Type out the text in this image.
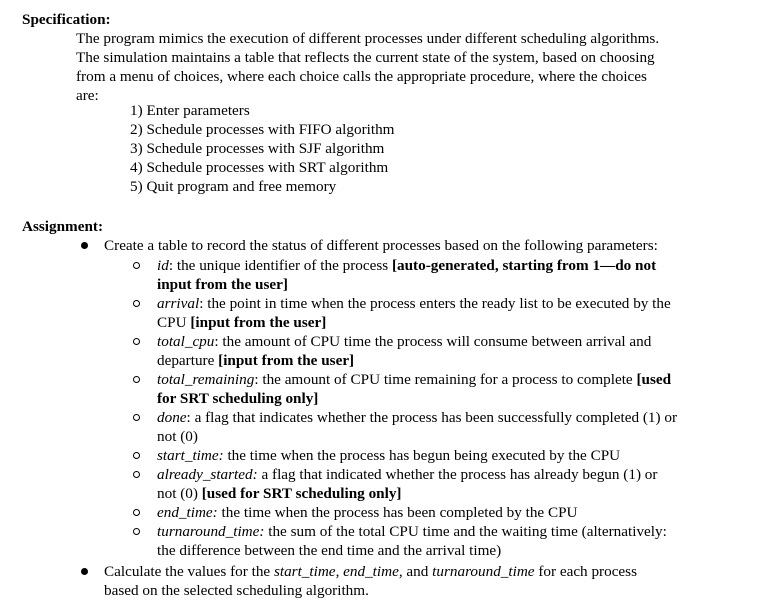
Specification:
The program mimics the execution of different processes under different scheduling algorithms.
The simulation maintains a table that reflects the current state of the system, based on choosing
from a menu of choices, where each choice calls the appropriate procedure, where the choices
are:
1) Enter parameters
2) Schedule processes with FIFO algorithm
3) Schedule processes with SJF algorithm
4) Schedule processes with SRT algorithm
5) Quit program and free memory
Assignment:
Create a table to record the status of different processes based on the following parameters:
id: the unique identifier of the process [auto-generated, starting from 1—do not
input from the user]
arrival: the point in time when the process enters the ready list to be executed by the
CPU [input from the user]
total_cpu: the amount of CPU time the process will consume between arrival and
departure [input from the user]
total_remaining: the amount of CPU time remaining for a process to complete [used
for SRT scheduling only]
done: a flag that indicates whether the process has been successfully completed (1) or
not (0)
start_time: the time when the process has begun being executed by the CPU
already_started: a flag that indicated whether the process has already begun (1) or
not (0) [used for SRT scheduling only]
end_time: the time when the process has been completed by the CPU
turnaround_time: the sum of the total CPU time and the waiting time (alternatively:
the difference between the end time and the arrival time)
Calculate the values for the start_time, end_time, and turnaround_time for each process
based on the selected scheduling algorithm.
